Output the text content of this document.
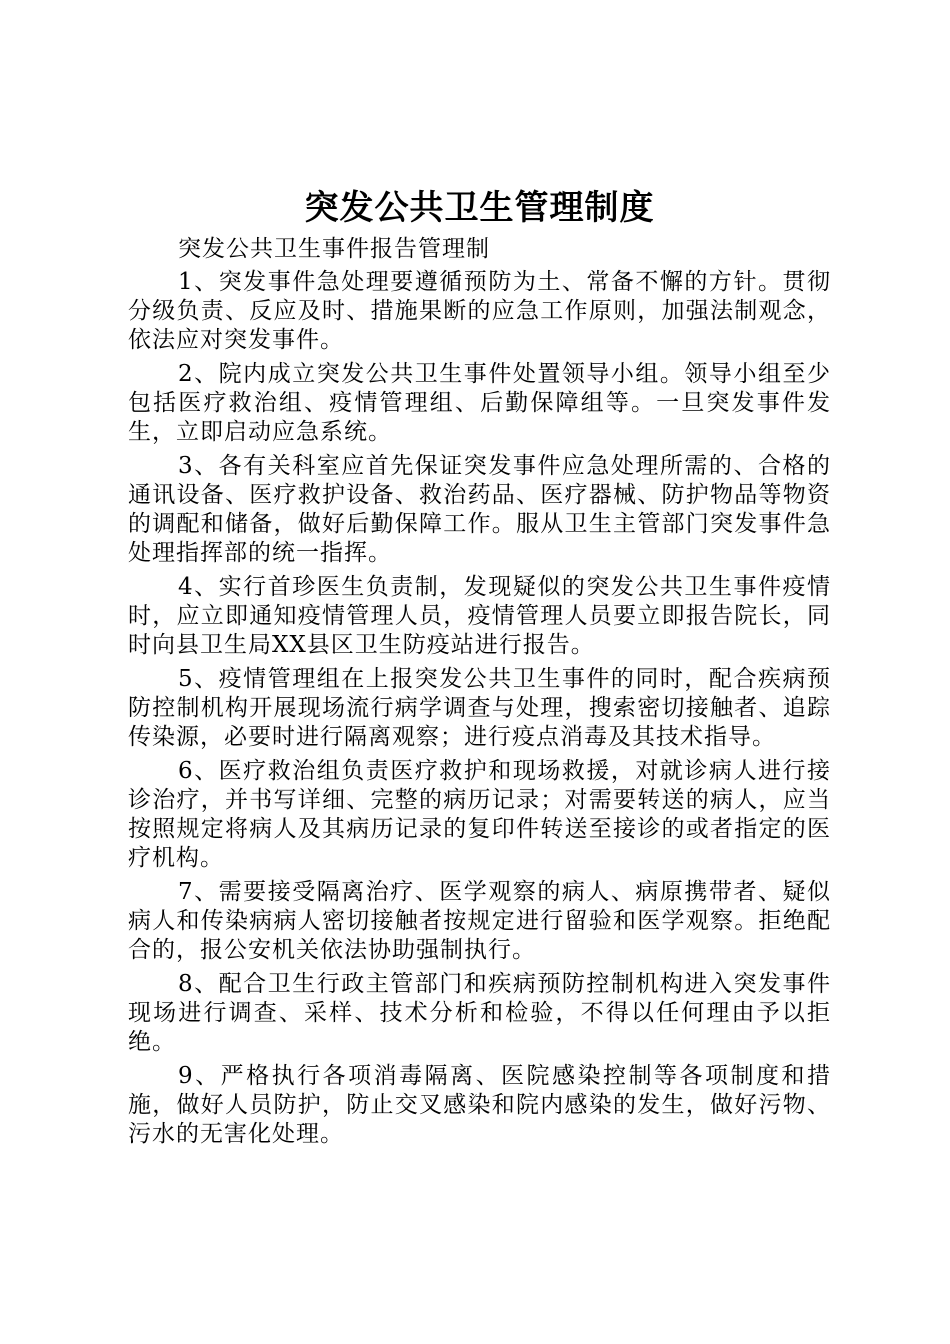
突发公共卫生管理制度

突发公共卫生事件报告管理制

1、突发事件急处理要遵循预防为土、常备不懈的方针。贯彻分级负责、反应及时、措施果断的应急工作原则，加强法制观念，依法应对突发事件。

2、院内成立突发公共卫生事件处置领导小组。领导小组至少包括医疗救治组、疫情管理组、后勤保障组等。一旦突发事件发生，立即启动应急系统。

3、各有关科室应首先保证突发事件应急处理所需的、合格的通讯设备、医疗救护设备、救治药品、医疗器械、防护物品等物资的调配和储备，做好后勤保障工作。服从卫生主管部门突发事件急处理指挥部的统一指挥。

4、实行首珍医生负责制，发现疑似的突发公共卫生事件疫情时，应立即通知疫情管理人员，疫情管理人员要立即报告院长，同时向县卫生局XX县区卫生防疫站进行报告。

5、疫情管理组在上报突发公共卫生事件的同时，配合疾病预防控制机构开展现场流行病学调查与处理，搜索密切接触者、追踪传染源，必要时进行隔离观察；进行疫点消毒及其技术指导。

6、医疗救治组负责医疗救护和现场救援，对就诊病人进行接诊治疗，并书写详细、完整的病历记录；对需要转送的病人，应当按照规定将病人及其病历记录的复印件转送至接诊的或者指定的医疗机构。

7、需要接受隔离治疗、医学观察的病人、病原携带者、疑似病人和传染病病人密切接触者按规定进行留验和医学观察。拒绝配合的，报公安机关依法协助强制执行。

8、配合卫生行政主管部门和疾病预防控制机构进入突发事件现场进行调查、采样、技术分析和检验，不得以任何理由予以拒绝。

9、严格执行各项消毒隔离、医院感染控制等各项制度和措施，做好人员防护，防止交叉感染和院内感染的发生，做好污物、污水的无害化处理。
